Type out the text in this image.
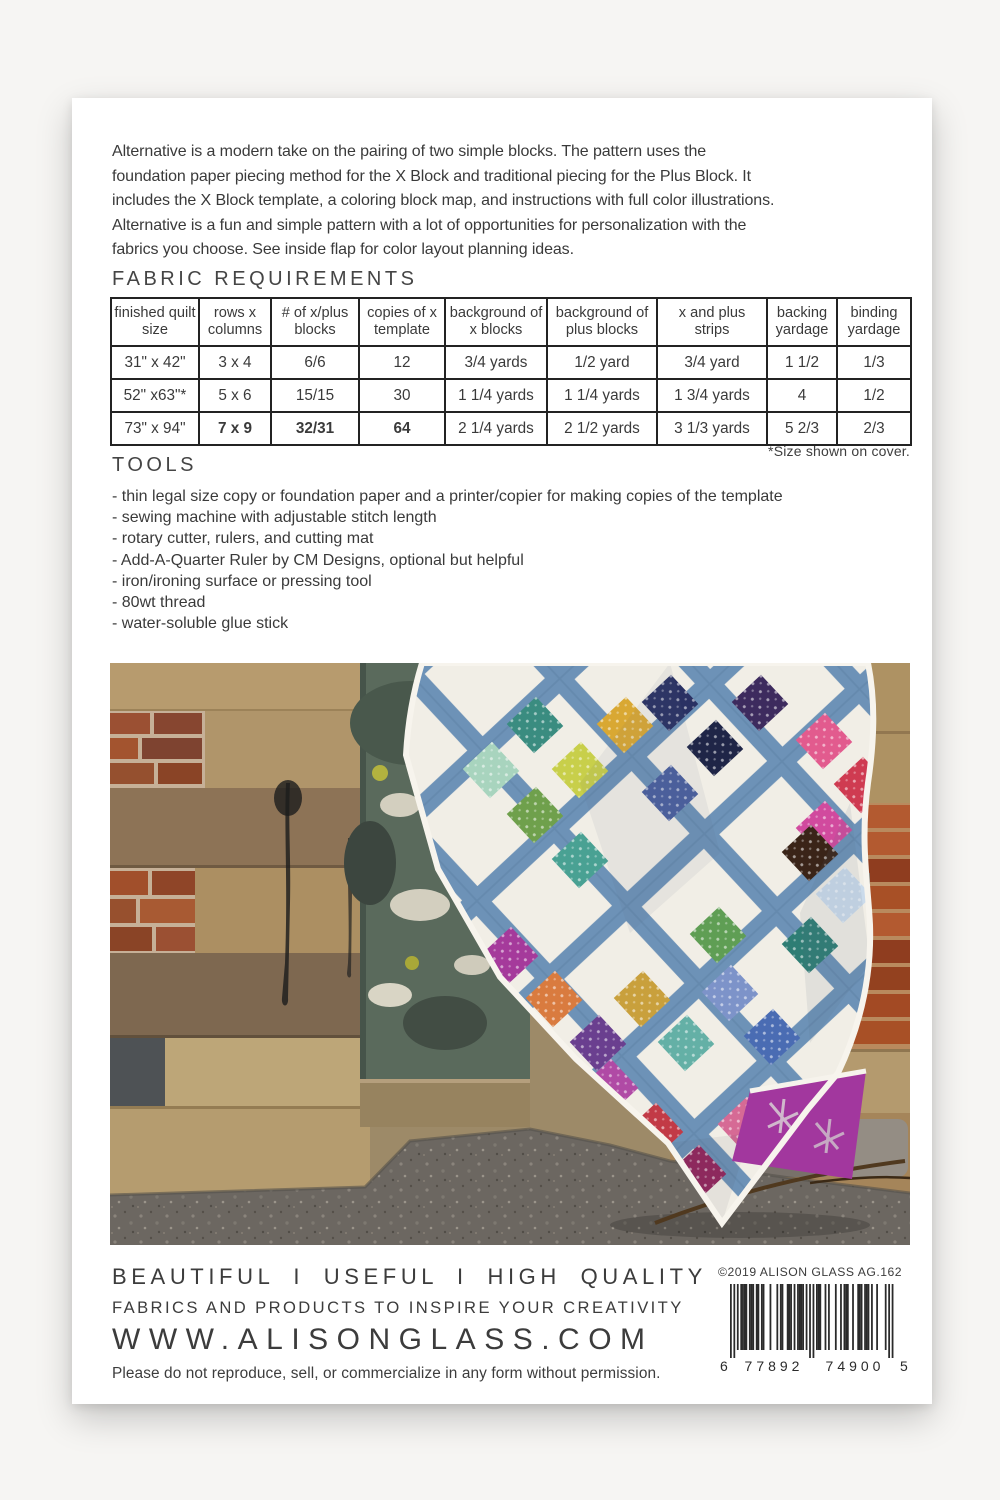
Alternative is a modern take on the pairing of two simple blocks. The pattern uses the
foundation paper piecing method for the X Block and traditional piecing for the Plus Block. It
includes the X Block template, a coloring block map, and instructions with full color illustrations.
Alternative is a fun and simple pattern with a lot of opportunities for personalization with the
fabrics you choose. See inside flap for color layout planning ideas.
FABRIC REQUIREMENTS
finished quilt size	rows x columns	# of x/plus blocks	copies of x template	background of x blocks	background of plus blocks	x and plus strips	backing yardage	binding yardage
31" x 42"	3 x 4	6/6	12	3/4 yards	1/2 yard	3/4 yard	1 1/2	1/3
52" x63"*	5 x 6	15/15	30	1 1/4 yards	1 1/4 yards	1 3/4 yards	4	1/2
73" x 94"	7 x 9	32/31	64	2 1/4 yards	2 1/2 yards	3 1/3 yards	5 2/3	2/3
*Size shown on cover.
TOOLS
- thin legal size copy or foundation paper and a printer/copier for making copies of the template
- sewing machine with adjustable stitch length
- rotary cutter, rulers, and cutting mat
- Add-A-Quarter Ruler by CM Designs, optional but helpful
- iron/ironing surface or pressing tool
- 80wt thread
- water-soluble glue stick
BEAUTIFUL I USEFUL I HIGH QUALITY
FABRICS AND PRODUCTS TO INSPIRE YOUR CREATIVITY
WWW.ALISONGLASS.COM
Please do not reproduce, sell, or commercialize in any form without permission.
©2019 ALISON GLASS AG.162
6 77892 74900 5
